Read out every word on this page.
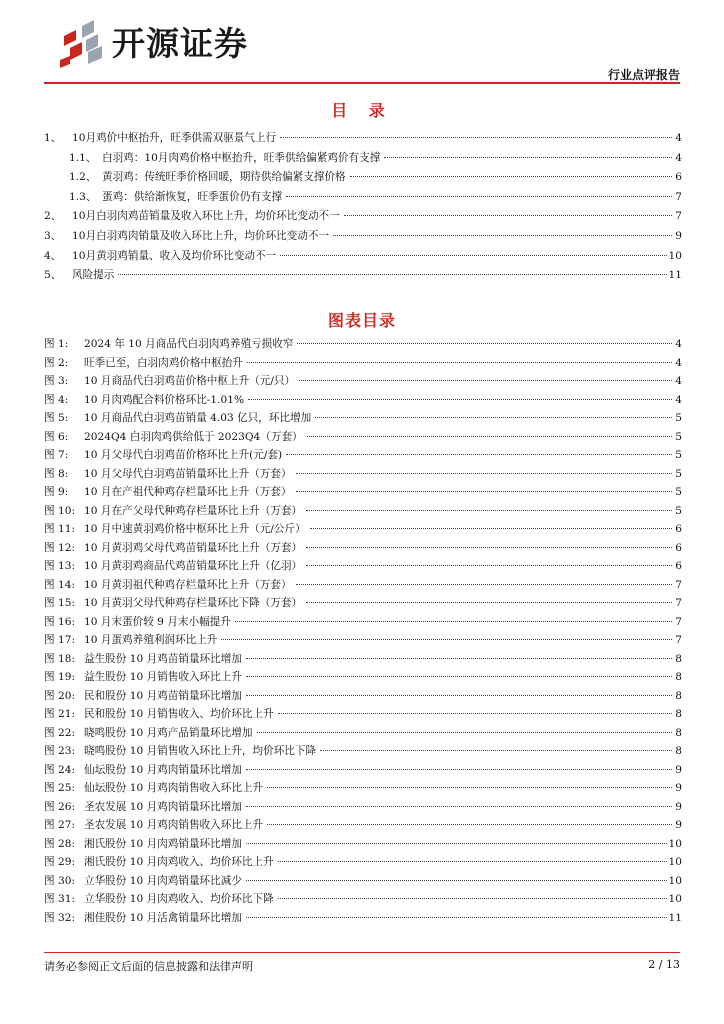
开源证券
行业点评报告
目 录
1、	10月鸡价中枢抬升，旺季供需双驱景气上行	4
1.1、 白羽鸡：10月肉鸡价格中枢抬升，旺季供给偏紧鸡价有支撑	4
1.2、 黄羽鸡：传统旺季价格回暖，期待供给偏紧支撑价格	6
1.3、 蛋鸡：供给渐恢复，旺季蛋价仍有支撑	7
2、	10月白羽肉鸡苗销量及收入环比上升，均价环比变动不一	7
3、	10月白羽鸡肉销量及收入环比上升，均价环比变动不一	9
4、	10月黄羽鸡销量、收入及均价环比变动不一	10
5、	风险提示	11
图表目录
图 1:	2024 年 10 月商品代白羽肉鸡养殖亏损收窄	4
图 2:	旺季已至，白羽肉鸡价格中枢抬升	4
图 3:	10 月商品代白羽鸡苗价格中枢上升（元/只）	4
图 4:	10 月肉鸡配合料价格环比-1.01%	4
图 5:	10 月商品代白羽鸡苗销量 4.03 亿只，环比增加	5
图 6:	2024Q4 白羽肉鸡供给低于 2023Q4（万套）	5
图 7:	10 月父母代白羽鸡苗价格环比上升(元/套)	5
图 8:	10 月父母代白羽鸡苗销量环比上升（万套）	5
图 9:	10 月在产祖代种鸡存栏量环比上升（万套）	5
图 10: 10 月在产父母代种鸡存栏量环比上升（万套）	5
图 11: 10 月中速黄羽鸡价格中枢环比上升（元/公斤）	6
图 12: 10 月黄羽鸡父母代鸡苗销量环比上升（万套）	6
图 13: 10 月黄羽鸡商品代鸡苗销量环比上升（亿羽）	6
图 14: 10 月黄羽祖代种鸡存栏量环比上升（万套）	7
图 15: 10 月黄羽父母代种鸡存栏量环比下降（万套）	7
图 16: 10 月末蛋价较 9 月末小幅提升	7
图 17: 10 月蛋鸡养殖利润环比上升	7
图 18: 益生股份 10 月鸡苗销量环比增加	8
图 19: 益生股份 10 月销售收入环比上升	8
图 20: 民和股份 10 月鸡苗销量环比增加	8
图 21: 民和股份 10 月销售收入、均价环比上升	8
图 22: 晓鸣股份 10 月鸡产品销量环比增加	8
图 23: 晓鸣股份 10 月销售收入环比上升，均价环比下降	8
图 24: 仙坛股份 10 月鸡肉销量环比增加	9
图 25: 仙坛股份 10 月鸡肉销售收入环比上升	9
图 26: 圣农发展 10 月鸡肉销量环比增加	9
图 27: 圣农发展 10 月鸡肉销售收入环比上升	9
图 28: 湘氏股份 10 月肉鸡销量环比增加	10
图 29: 湘氏股份 10 月肉鸡收入、均价环比上升	10
图 30: 立华股份 10 月肉鸡销量环比减少	10
图 31: 立华股份 10 月肉鸡收入、均价环比下降	10
图 32: 湘佳股份 10 月活禽销量环比增加	11
请务必参阅正文后面的信息披露和法律声明	2 / 13
